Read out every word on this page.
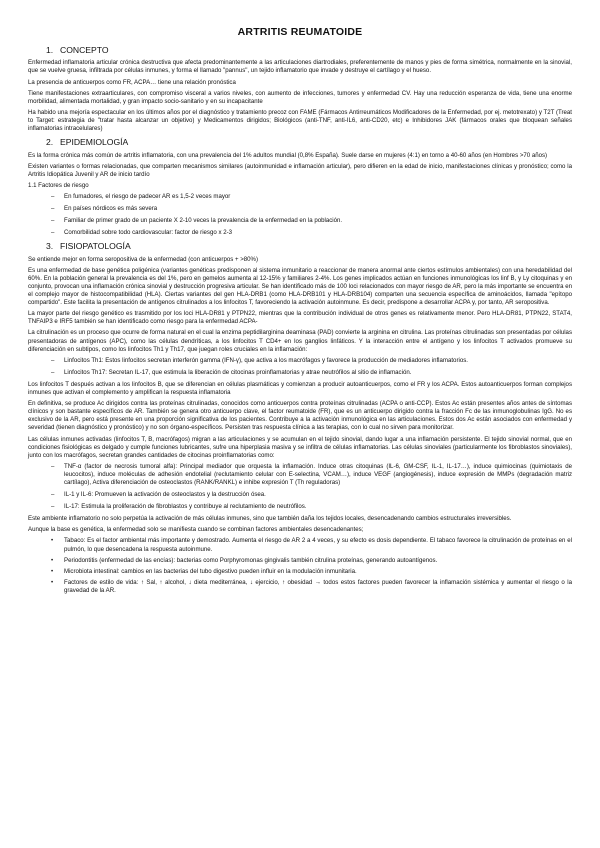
ARTRITIS REUMATOIDE
1. CONCEPTO

Enfermedad inflamatoria articular crónica destructiva que afecta predominantemente a las articulaciones diartrodiales, preferentemente de manos y pies de forma simétrica, normalmente en la sinovial, que se vuelve gruesa, infiltrada por células inmunes, y forma el llamado "pannus", un tejido inflamatorio que invade y destruye el cartílago y el hueso.

La presencia de anticuerpos como FR, ACPA… tiene una relación pronóstica

Tiene manifestaciones extraarticulares, con compromiso visceral a varios niveles, con aumento de infecciones, tumores y enfermedad CV. Hay una reducción esperanza de vida, tiene una enorme morbilidad, alimentada mortalidad, y gran impacto socio-sanitario y en su incapacitante

Ha habido una mejoría espectacular en los últimos años por el diagnóstico y tratamiento precoz con FAME (Fármacos Antirreumáticos Modificadores de la Enfermedad, por ej. metotrexato) y T2T (Treat to Target: estrategia de "tratar hasta alcanzar un objetivo) y Medicamentos dirigidos; Biológicos (anti-TNF, anti-IL6, anti-CD20, etc) e Inhibidores JAK (fármacos orales que bloquean señales inflamatorias intracelulares)

2. EPIDEMIOLOGÍA

Es la forma crónica más común de artritis inflamatoria, con una prevalencia del 1% adultos mundial (0,8% España). Suele darse en mujeres (4:1) en torno a 40-60 años (en Hombres >70 años)

Existen variantes o formas relacionadas, que comparten mecanismos similares (autoinmunidad e inflamación articular), pero difieren en la edad de inicio, manifestaciones clínicas y pronóstico; como la Artritis Idiopática Juvenil y AR de inicio tardío

1.1 Factores de riesgo

– En fumadores, el riesgo de padecer AR es 1,5-2 veces mayor
– En países nórdicos es más severa
– Familiar de primer grado de un paciente X 2-10 veces la prevalencia de la enfermedad en la población.
– Comorbilidad sobre todo cardiovascular: factor de riesgo x 2-3
3. FISIOPATOLOGÍA

Se entiende mejor en forma seropositiva de la enfermedad (con anticuerpos + >80%)

Es una enfermedad de base genética poligénica (variantes genéticas predisponen al sistema inmunitario a reaccionar de manera anormal ante ciertos estímulos ambientales) con una heredabilidad del 60%. En la población general la prevalencia es del 1%, pero en gemelos aumenta al 12-15% y familiares 2-4%. Los genes implicados actúan en funciones inmunológicas los linf B, y Ly citoquinas y en conjunto, provocan una inflamación crónica sinovial y destrucción progresiva articular. Se han identificado más de 100 loci relacionados con mayor riesgo de AR, pero la más importante se encuentra en el complejo mayor de histocompatibilidad (HLA). Ciertas variantes del gen HLA-DRB1 (como HLA-DRB101 y HLA-DRB104) comparten una secuencia específica de aminoácidos, llamada "epítopo compartido". Este facilita la presentación de antígenos citrulinados a los linfocitos T, favoreciendo la activación autoinmune. Es decir, predispone a desarrollar ACPA y, por tanto, AR seropositiva.

La mayor parte del riesgo genético es trasmitido por los loci HLA-DR81 y PTPN22, mientras que la contribución individual de otros genes es relativamente menor. Pero HLA-DR81, PTPN22, STAT4, TNFAIP3 e IRF5 también se han identificado como riesgo para la enfermedad ACPA-

La citrulinación es un proceso que ocurre de forma natural en el cual la enzima peptidilarginina deaminasa (PAD) convierte la arginina en citrulina. Las proteínas citrulinadas son presentadas por células presentadoras de antígenos (APC), como las células dendríticas, a los linfocitos T CD4+ en los ganglios linfáticos. Y la interacción entre el antígeno y los linfocitos T activados promueve su diferenciación en subtipos, como los linfocitos Th1 y Th17, que juegan roles cruciales en la inflamación:

– Linfocitos Th1: Estos linfocitos secretan interferón gamma (IFN-γ), que activa a los macrófagos y favorece la producción de mediadores inflamatorios.
– Linfocitos Th17: Secretan IL-17, que estimula la liberación de citocinas proinflamatorias y atrae neutrófilos al sitio de inflamación.

Los linfocitos T después activan a los linfocitos B, que se diferencian en células plasmáticas y comienzan a producir autoanticuerpos, como el FR y los ACPA. Estos autoanticuerpos forman complejos inmunes que activan el complemento y amplifican la respuesta inflamatoria

En definitiva, se produce Ac dirigidos contra las proteínas citrulinadas, conocidos como anticuerpos contra proteínas citrulinadas (ACPA o anti-CCP). Estos Ac están presentes años antes de síntomas clínicos y son bastante específicos de AR. También se genera otro anticuerpo clave, el factor reumatoide (FR), que es un anticuerpo dirigido contra la fracción Fc de las inmunoglobulinas IgG. No es exclusivo de la AR, pero está presente en una proporción significativa de los pacientes. Contribuye a la activación inmunológica en las articulaciones. Estos dos Ac están asociados con enfermedad y severidad (tienen diagnóstico y pronóstico) y no son órgano-específicos. Persisten tras respuesta clínica a las terapias, con lo cual no sirven para monitorizar.

Las células inmunes activadas (linfocitos T, B, macrófagos) migran a las articulaciones y se acumulan en el tejido sinovial, dando lugar a una inflamación persistente. El tejido sinovial normal, que en condiciones fisiológicas es delgado y cumple funciones lubricantes, sufre una hiperplasia masiva y se infiltra de células inflamatorias. Las células sinoviales (particularmente los fibroblastos sinoviales), junto con los macrófagos, secretan grandes cantidades de citocinas proinflamatorias como:

– TNF-α (factor de necrosis tumoral alfa): Principal mediador que orquesta la inflamación. Induce otras citoquinas (IL-6, GM-CSF, IL-1, IL-17…), induce quimiocinas (quimiotaxis de leucocitos), induce moléculas de adhesión endotelial (reclutamiento celular con E-selectina, VCAM…), induce VEGF (angiogénesis), induce expresión de MMPs (degradación matriz cartílago), Activa diferenciación de osteoclastos (RANK/RANKL) e inhibe expresión T (Th reguladoras)
– IL-1 y IL-6: Promueven la activación de osteoclastos y la destrucción ósea.
– IL-17: Estimula la proliferación de fibroblastos y contribuye al reclutamiento de neutrófilos.

Este ambiente inflamatorio no solo perpetúa la activación de más células inmunes, sino que también daña los tejidos locales, desencadenando cambios estructurales irreversibles.

Aunque la base es genética, la enfermedad solo se manifiesta cuando se combinan factores ambientales desencadenantes;

• Tabaco: Es el factor ambiental más importante y demostrado. Aumenta el riesgo de AR 2 a 4 veces, y su efecto es dosis dependiente. El tabaco favorece la citrulinación de proteínas en el pulmón, lo que desencadena la respuesta autoinmune.
• Periodontitis (enfermedad de las encías): bacterias como Porphyromonas gingivalis también citrulina proteínas, generando autoantígenos.
• Microbiota intestinal: cambios en las bacterias del tubo digestivo pueden influir en la modulación inmunitaria.
• Factores de estilo de vida: ↑ Sal, ↑ alcohol, ↓ dieta mediterránea, ↓ ejercicio, ↑ obesidad → todos estos factores pueden favorecer la inflamación sistémica y aumentar el riesgo o la gravedad de la AR.
